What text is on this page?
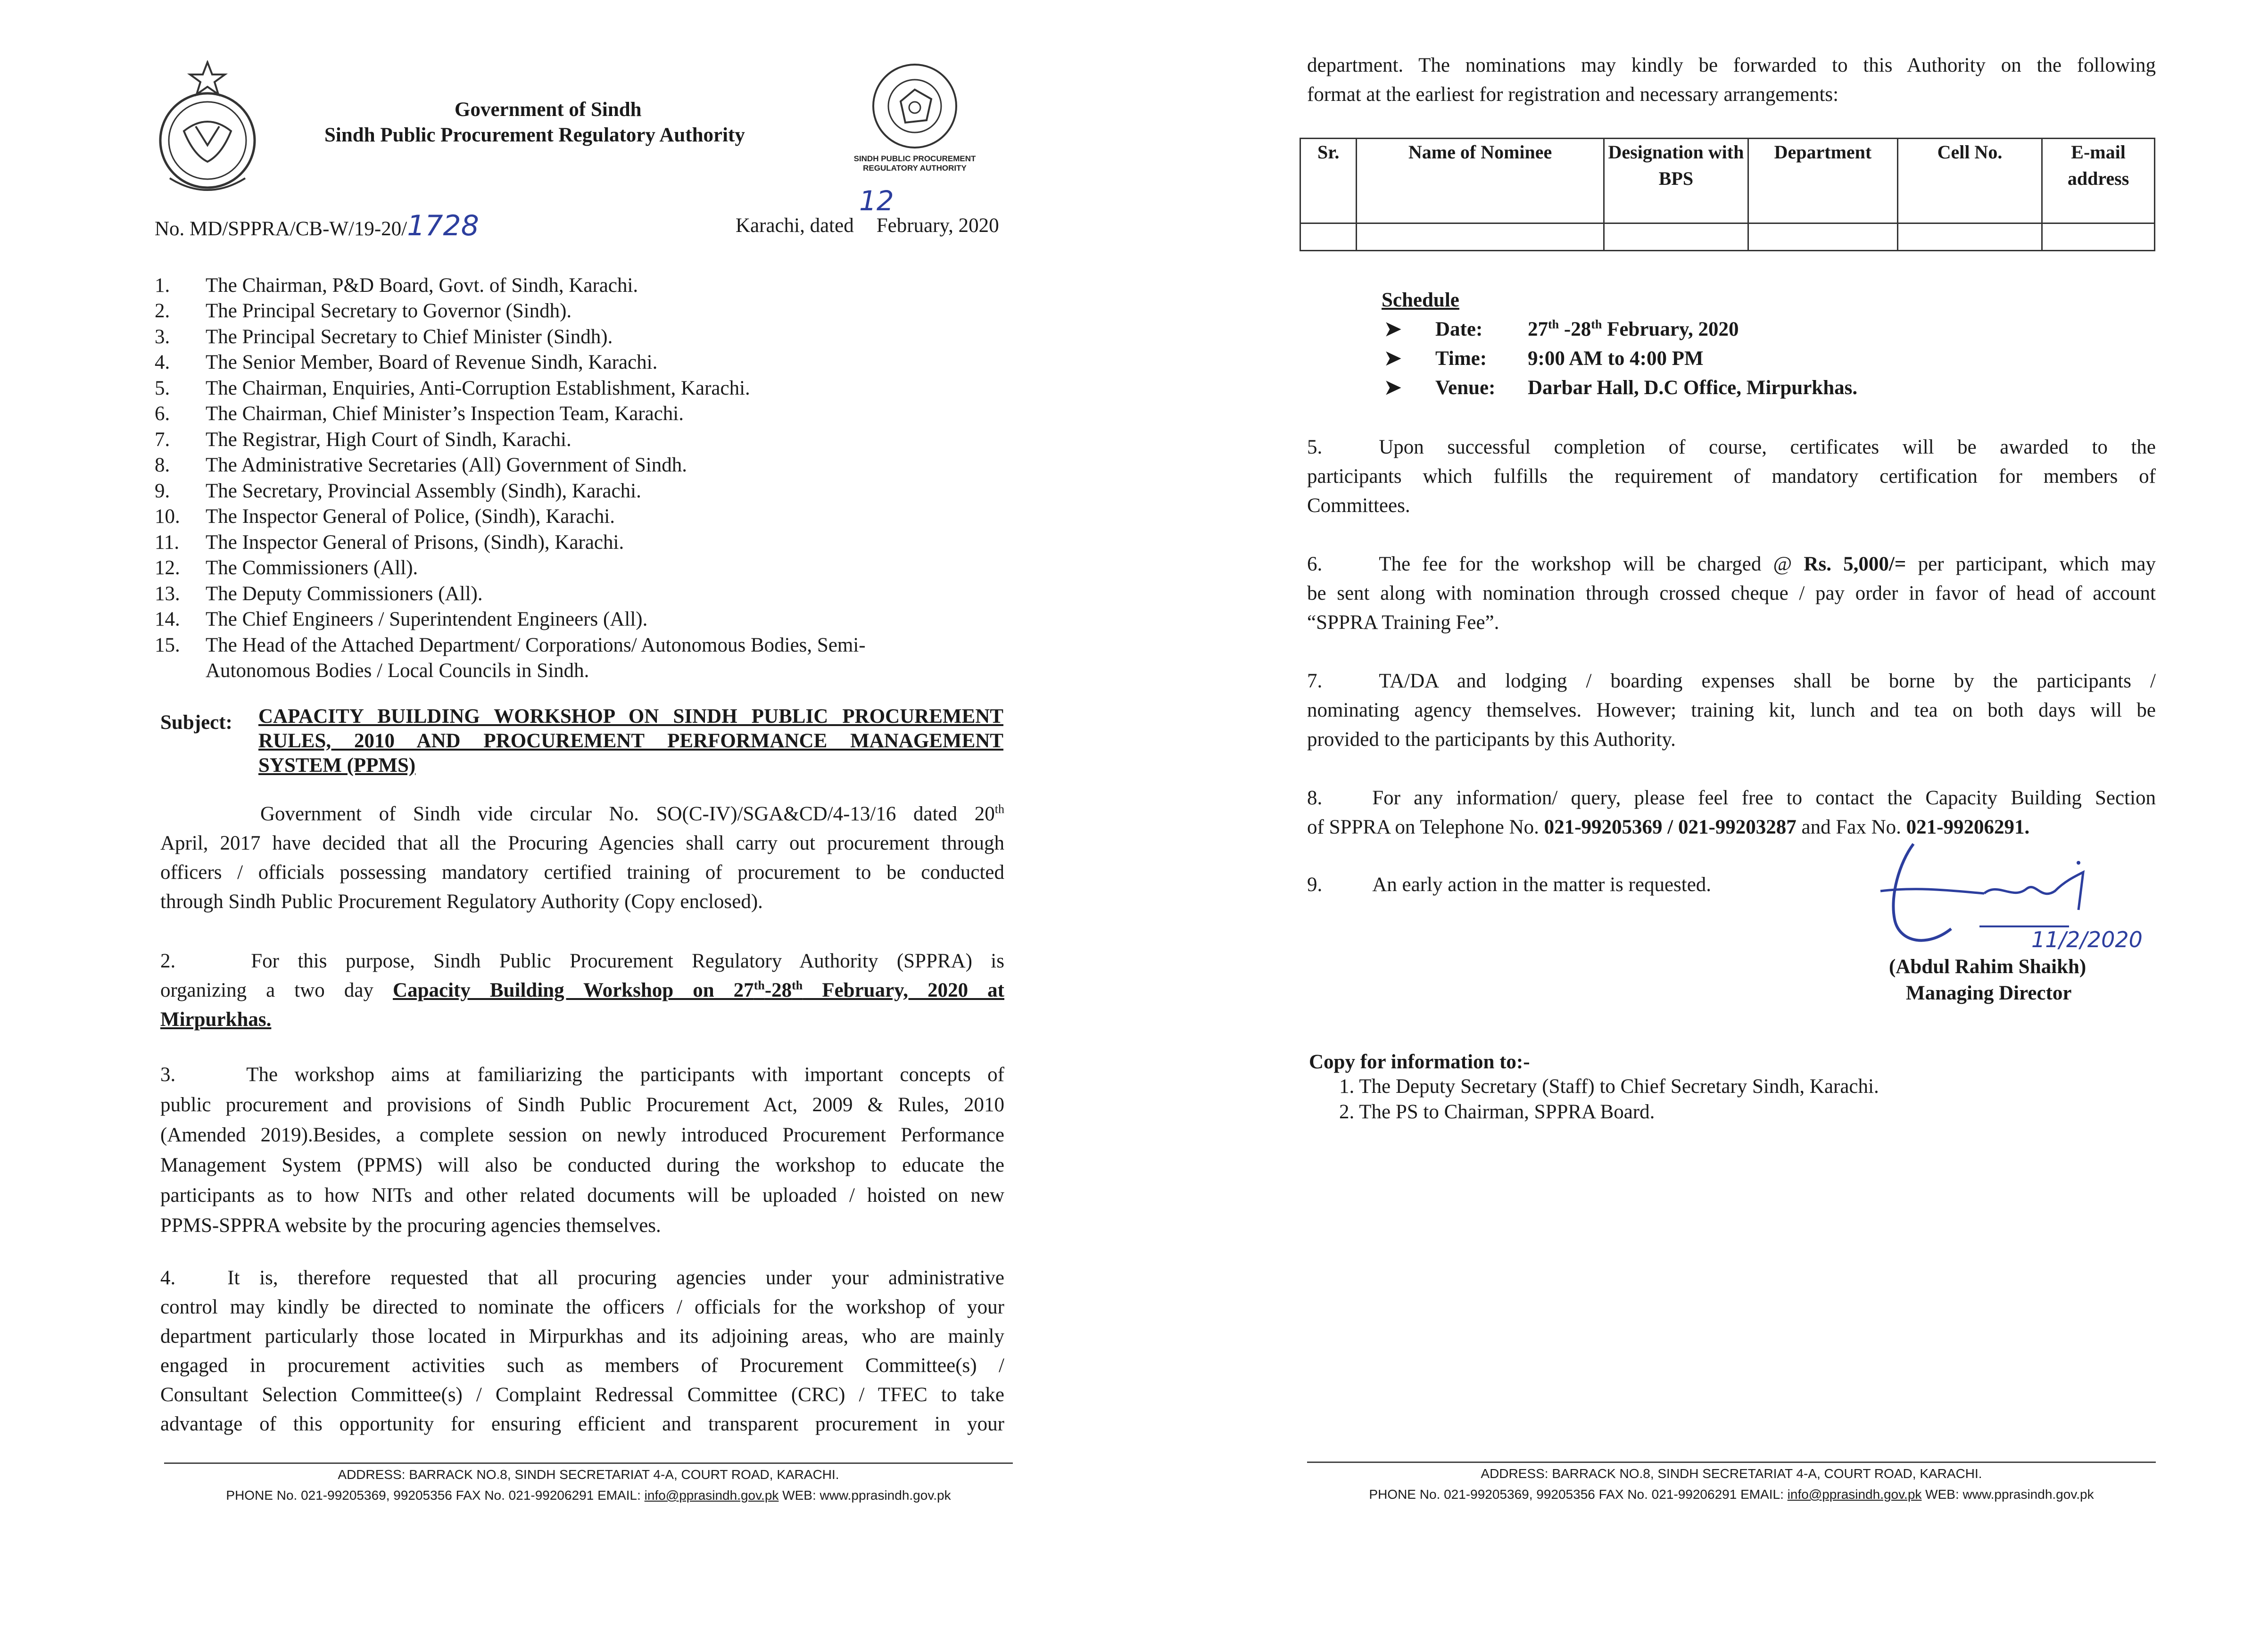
Government of Sindh
Sindh Public Procurement Regulatory Authority
SINDH PUBLIC PROCUREMENT
REGULATORY AUTHORITY
No. MD/SPPRA/CB-W/19-20/1728
12
Karachi, dated February, 2020
1.	The Chairman, P&D Board, Govt. of Sindh, Karachi.
2.	The Principal Secretary to Governor (Sindh).
3.	The Principal Secretary to Chief Minister (Sindh).
4.	The Senior Member, Board of Revenue Sindh, Karachi.
5.	The Chairman, Enquiries, Anti-Corruption Establishment, Karachi.
6.	The Chairman, Chief Minister’s Inspection Team, Karachi.
7.	The Registrar, High Court of Sindh, Karachi.
8.	The Administrative Secretaries (All) Government of Sindh.
9.	The Secretary, Provincial Assembly (Sindh), Karachi.
10.	The Inspector General of Police, (Sindh), Karachi.
11.	The Inspector General of Prisons, (Sindh), Karachi.
12.	The Commissioners (All).
13.	The Deputy Commissioners (All).
14.	The Chief Engineers / Superintendent Engineers (All).
15.	The Head of the Attached Department/ Corporations/ Autonomous Bodies, Semi-
Autonomous Bodies / Local Councils in Sindh.
Subject: CAPACITY BUILDING WORKSHOP ON SINDH PUBLIC PROCUREMENT
RULES, 2010 AND PROCUREMENT PERFORMANCE MANAGEMENT
SYSTEM (PPMS)
Government of Sindh vide circular No. SO(C-IV)/SGA&CD/4-13/16 dated 20th
April, 2017 have decided that all the Procuring Agencies shall carry out procurement through
officers / officials possessing mandatory certified training of procurement to be conducted
through Sindh Public Procurement Regulatory Authority (Copy enclosed).
2.	For this purpose, Sindh Public Procurement Regulatory Authority (SPPRA) is
organizing a two day Capacity Building Workshop on 27th-28th February, 2020 at
Mirpurkhas.
3.	The workshop aims at familiarizing the participants with important concepts of
public procurement and provisions of Sindh Public Procurement Act, 2009 & Rules, 2010
(Amended 2019).Besides, a complete session on newly introduced Procurement Performance
Management System (PPMS) will also be conducted during the workshop to educate the
participants as to how NITs and other related documents will be uploaded / hoisted on new
PPMS-SPPRA website by the procuring agencies themselves.
4.	It is, therefore requested that all procuring agencies under your administrative
control may kindly be directed to nominate the officers / officials for the workshop of your
department particularly those located in Mirpurkhas and its adjoining areas, who are mainly
engaged in procurement activities such as members of Procurement Committee(s) /
Consultant Selection Committee(s) / Complaint Redressal Committee (CRC) / TFEC to take
advantage of this opportunity for ensuring efficient and transparent procurement in your
ADDRESS: BARRACK NO.8, SINDH SECRETARIAT 4-A, COURT ROAD, KARACHI.
PHONE No. 021-99205369, 99205356 FAX No. 021-99206291 EMAIL: info@pprasindh.gov.pk WEB: www.pprasindh.gov.pk
department. The nominations may kindly be forwarded to this Authority on the following
format at the earliest for registration and necessary arrangements:
Sr.	Name of Nominee	Designation with BPS	Department	Cell No.	E-mail address

Schedule
➤ Date: 27th -28th February, 2020
➤ Time: 9:00 AM to 4:00 PM
➤ Venue: Darbar Hall, D.C Office, Mirpurkhas.
5.	Upon successful completion of course, certificates will be awarded to the
participants which fulfills the requirement of mandatory certification for members of
Committees.
6.	The fee for the workshop will be charged @ Rs. 5,000/= per participant, which may
be sent along with nomination through crossed cheque / pay order in favor of head of account
“SPPRA Training Fee”.
7.	TA/DA and lodging / boarding expenses shall be borne by the participants /
nominating agency themselves. However; training kit, lunch and tea on both days will be
provided to the participants by this Authority.
8. For any information/ query, please feel free to contact the Capacity Building Section
of SPPRA on Telephone No. 021-99205369 / 021-99203287 and Fax No. 021-99206291.
9. An early action in the matter is requested.
11/2/2020
(Abdul Rahim Shaikh)
Managing Director
Copy for information to:-
1. The Deputy Secretary (Staff) to Chief Secretary Sindh, Karachi.
2. The PS to Chairman, SPPRA Board.
ADDRESS: BARRACK NO.8, SINDH SECRETARIAT 4-A, COURT ROAD, KARACHI.
PHONE No. 021-99205369, 99205356 FAX No. 021-99206291 EMAIL: info@pprasindh.gov.pk WEB: www.pprasindh.gov.pk
